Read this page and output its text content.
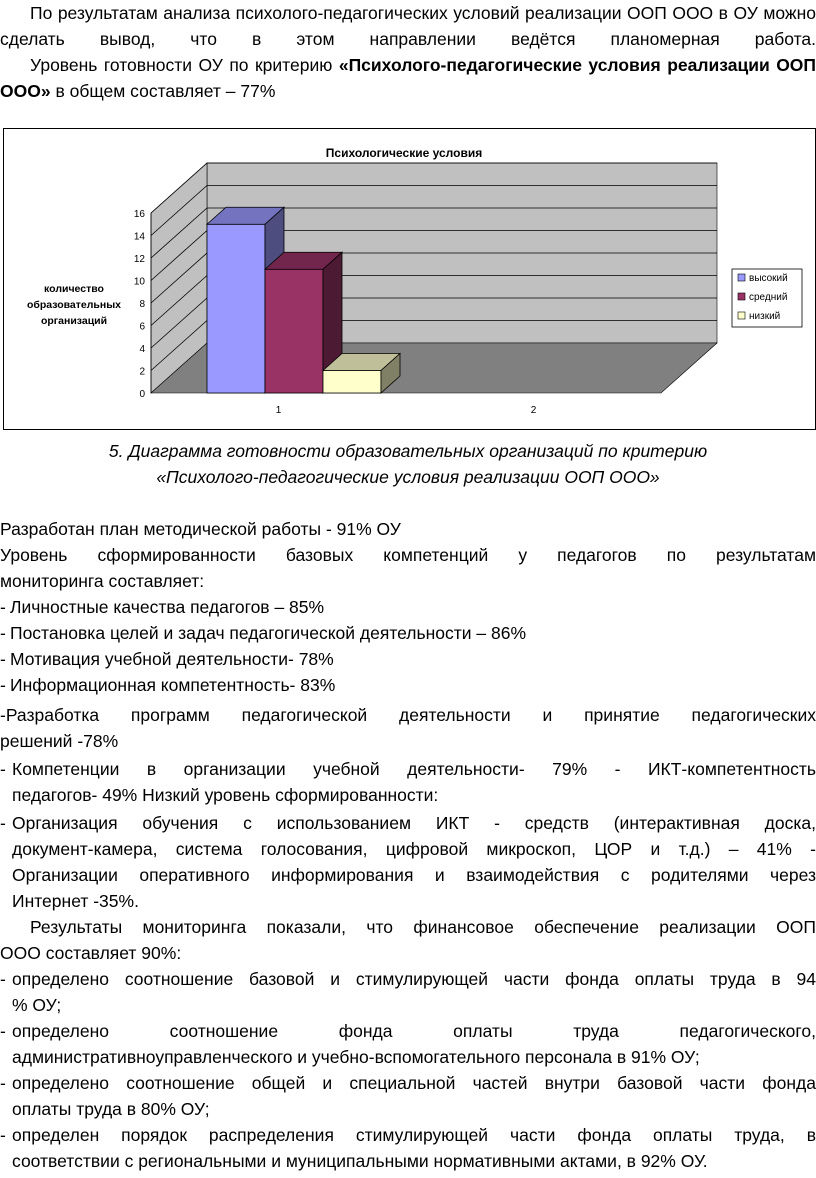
По результатам анализа психолого-педагогических условий реализации ООП ООО в ОУ можно сделать вывод, что в этом направлении ведётся планомерная работа.

Уровень готовности ОУ по критерию «Психолого-педагогические условия реализации ООП ООО» в общем составляет – 77%

0
2
4
6
8
10
12
14
16
Психологические условия
количество
образовательных
организаций
1	2
высокий
средний
низкий
5. Диаграмма готовности образовательных организаций по критерию
«Психолого-педагогические условия реализации ООП ООО»
Разработан план методической работы - 91% ОУ
Уровень сформированности базовых компетенций у педагогов по результатам
мониторинга составляет:
- Личностные качества педагогов – 85%
- Постановка целей и задач педагогической деятельности – 86%
- Мотивация учебной деятельности- 78%
- Информационная компетентность- 83%
-Разработка программ педагогической деятельности и принятие педагогических
решений -78%
- Компетенции в организации учебной деятельности- 79% - ИКТ-компетентность
педагогов- 49% Низкий уровень сформированности:
- Организация обучения с использованием ИКТ - средств (интерактивная доска,
документ-камера, система голосования, цифровой микроскоп, ЦОР и т.д.) – 41% -
Организации оперативного информирования и взаимодействия с родителями через
Интернет -35%.
Результаты мониторинга показали, что финансовое обеспечение реализации ООП
ООО составляет 90%:
- определено соотношение базовой и стимулирующей части фонда оплаты труда в 94
% ОУ;
- определено соотношение фонда оплаты труда педагогического,
административноуправленческого и учебно-вспомогательного персонала в 91% ОУ;
- определено соотношение общей и специальной частей внутри базовой части фонда
оплаты труда в 80% ОУ;
- определен порядок распределения стимулирующей части фонда оплаты труда, в
соответствии с региональными и муниципальными нормативными актами, в 92% ОУ.
